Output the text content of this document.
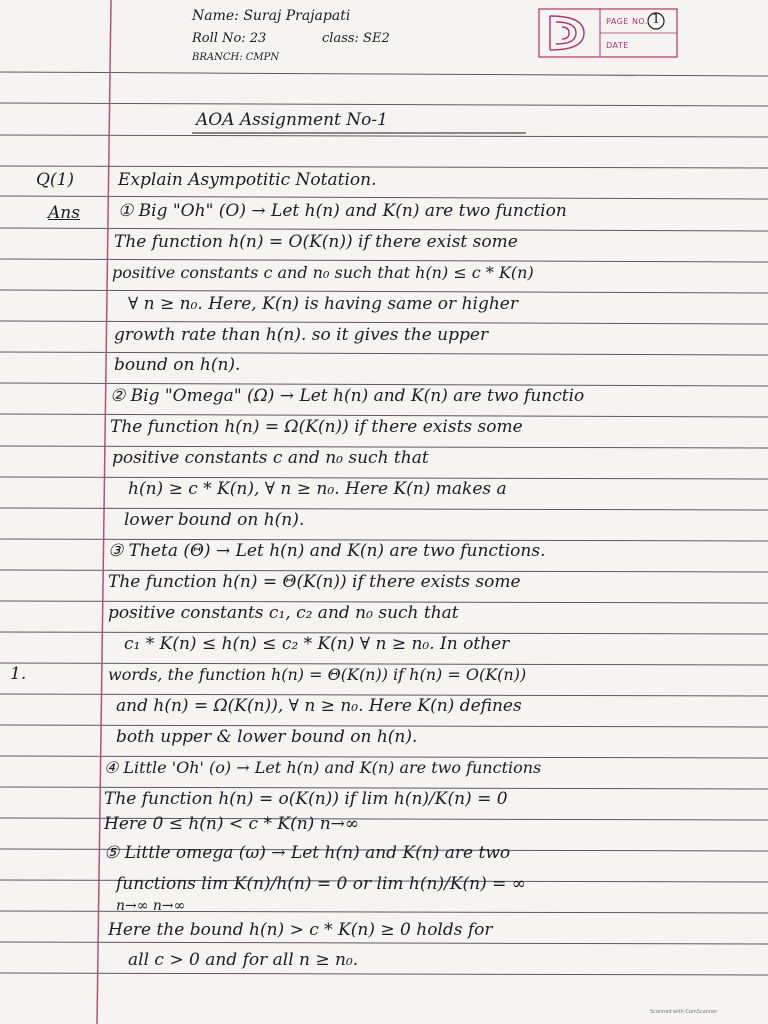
Name: Suraj Prajapati
Roll No: 23	class: SE2
BRANCH: CMPN
PAGE NO. 1
DATE
AOA Assignment No-1
Q(1)
Ans
1.
Explain Asympotitic Notation.
① Big "Oh" (O) → Let h(n) and K(n) are two function
The function h(n) = O(K(n)) if there exist some
positive constants c and n₀ such that h(n) ≤ c * K(n)
∀ n ≥ n₀. Here, K(n) is having same or higher
growth rate than h(n). so it gives the upper
bound on h(n).
② Big "Omega" (Ω) → Let h(n) and K(n) are two functio
The function h(n) = Ω(K(n)) if there exists some
positive constants c and n₀ such that
h(n) ≥ c * K(n), ∀ n ≥ n₀. Here K(n) makes a
lower bound on h(n).
③ Theta (Θ) → Let h(n) and K(n) are two functions.
The function h(n) = Θ(K(n)) if there exists some
positive constants c₁, c₂ and n₀ such that
c₁ * K(n) ≤ h(n) ≤ c₂ * K(n) ∀ n ≥ n₀. In other
words, the function h(n) = Θ(K(n)) if h(n) = O(K(n))
and h(n) = Ω(K(n)), ∀ n ≥ n₀. Here K(n) defines
both upper & lower bound on h(n).
④ Little 'Oh' (o) → Let h(n) and K(n) are two functions
The function h(n) = o(K(n)) if lim h(n)/K(n) = 0
Here 0 ≤ h(n) < c * K(n) n→∞
⑤ Little omega (ω) → Let h(n) and K(n) are two
functions lim K(n)/h(n) = 0 or lim h(n)/K(n) = ∞
n→∞ n→∞
Here the bound h(n) > c * K(n) ≥ 0 holds for
all c > 0 and for all n ≥ n₀.
Scanned with CamScanner
